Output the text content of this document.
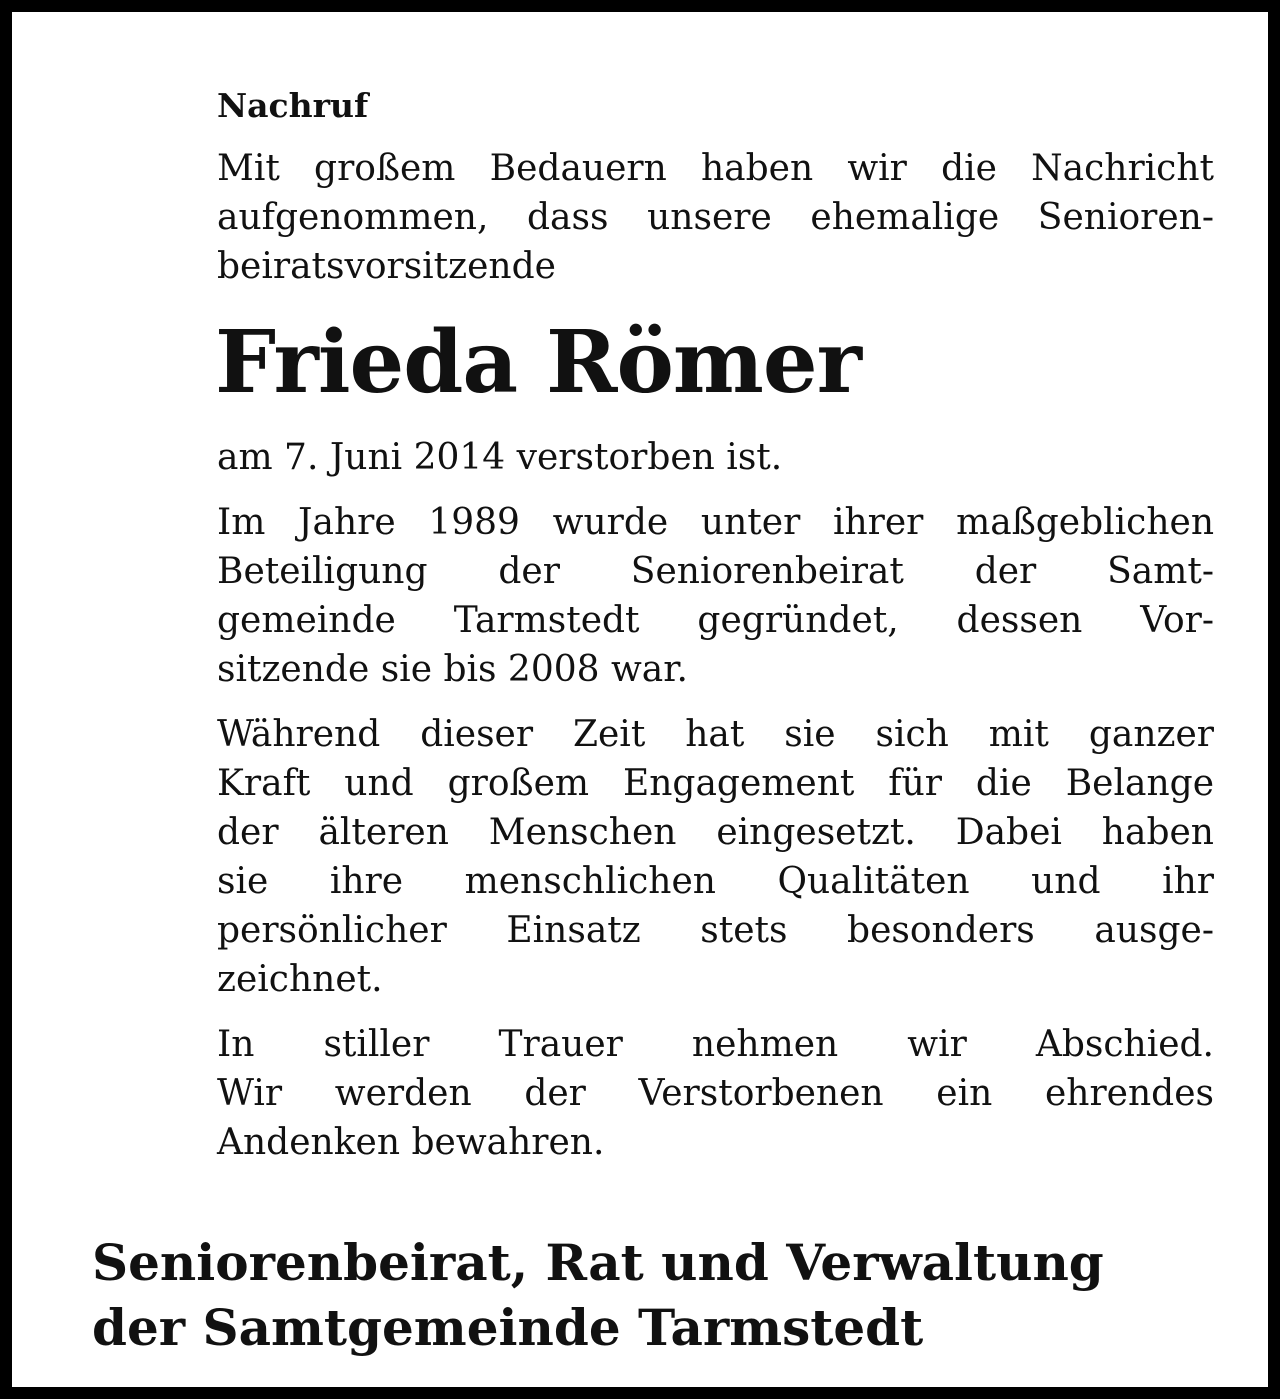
Nachruf
Mit großem Bedauern haben wir die Nachricht
aufgenommen, dass unsere ehemalige Senioren-
beiratsvorsitzende
Frieda Römer
am 7. Juni 2014 verstorben ist.
Im Jahre 1989 wurde unter ihrer maßgeblichen
Beteiligung der Seniorenbeirat der Samt-
gemeinde Tarmstedt gegründet, dessen Vor-
sitzende sie bis 2008 war.
Während dieser Zeit hat sie sich mit ganzer
Kraft und großem Engagement für die Belange
der älteren Menschen eingesetzt. Dabei haben
sie ihre menschlichen Qualitäten und ihr
persönlicher Einsatz stets besonders ausge-
zeichnet.
In stiller Trauer nehmen wir Abschied.
Wir werden der Verstorbenen ein ehrendes
Andenken bewahren.
Seniorenbeirat, Rat und Verwaltung
der Samtgemeinde Tarmstedt
